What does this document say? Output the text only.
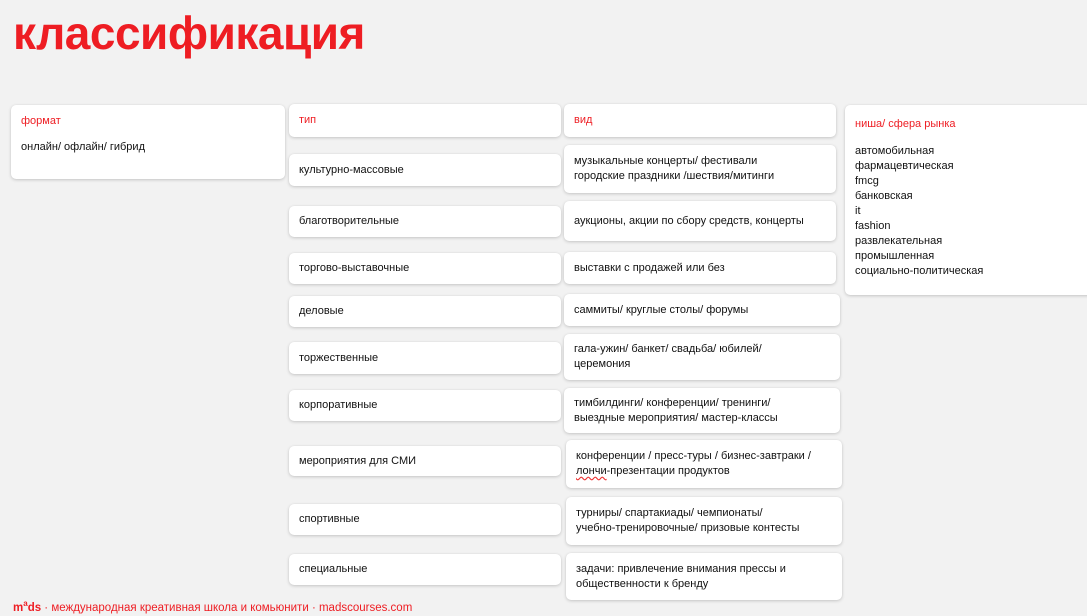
классификация
формат
онлайн/ офлайн/ гибрид
тип	вид	ниша/ сфера рынка
автомобильная
фармацевтическая
fmcg
банковская
it
fashion
развлекательная
промышленная
социально-политическая
культурно-массовые
благотворительные
торгово-выставочные
деловые
торжественные
корпоративные
мероприятия для СМИ
спортивные
специальные
музыкальные концерты/ фестивали
городские праздники /шествия/митинги
аукционы, акции по сбору средств, концерты
выставки с продажей или без
саммиты/ круглые столы/ форумы
гала-ужин/ банкет/ свадьба/ юбилей/
церемония
тимбилдинги/ конференции/ тренинги/
выездные мероприятия/ мастер-классы
конференции / пресс-туры / бизнес-завтраки /
лончи-презентации продуктов
турниры/ спартакиады/ чемпионаты/
учебно-тренировочные/ призовые контесты
задачи: привлечение внимания прессы и
общественности к бренду
$m^ads$ · международная креативная школа и комьюнити · madscourses.com
